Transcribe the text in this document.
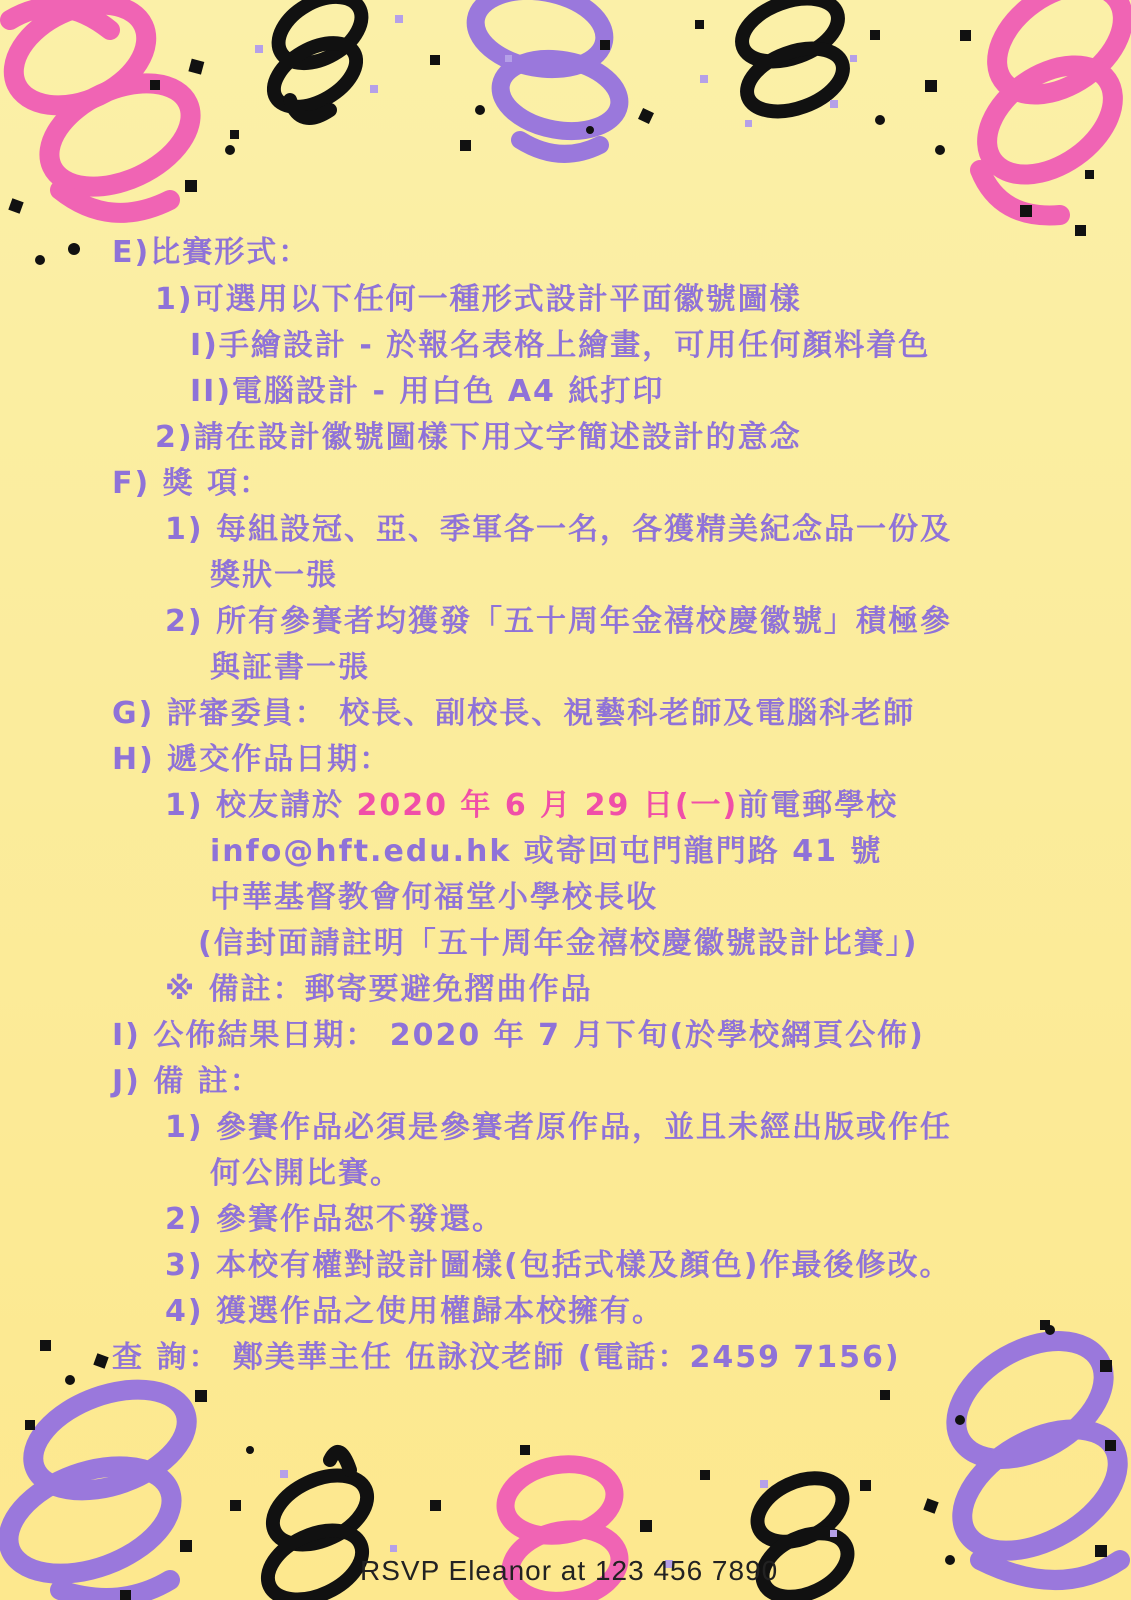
E)比賽形式：
1)可選用以下任何一種形式設計平面徽號圖樣
I)手繪設計 - 於報名表格上繪畫，可用任何顏料着色
II)電腦設計 - 用白色 A4 紙打印
2)請在設計徽號圖樣下用文字簡述設計的意念
F) 獎 項：
1) 每組設冠、亞、季軍各一名，各獲精美紀念品一份及
獎狀一張
2) 所有參賽者均獲發「五十周年金禧校慶徽號」積極參
與証書一張
G) 評審委員： 校長、副校長、視藝科老師及電腦科老師
H) 遞交作品日期：
1) 校友請於 2020 年 6 月 29 日(一)前電郵學校
info@hft.edu.hk 或寄回屯門龍門路 41 號
中華基督教會何福堂小學校長收
(信封面請註明「五十周年金禧校慶徽號設計比賽」)
※ 備註：郵寄要避免摺曲作品
I) 公佈結果日期： 2020 年 7 月下旬(於學校網頁公佈)
J) 備 註：
1) 參賽作品必須是參賽者原作品，並且未經出版或作任
何公開比賽。
2) 參賽作品恕不發還。
3) 本校有權對設計圖樣(包括式樣及顏色)作最後修改。
4) 獲選作品之使用權歸本校擁有。
查 詢： 鄭美華主任 伍詠汶老師 (電話：2459 7156)
RSVP Eleanor at 123 456 7890
